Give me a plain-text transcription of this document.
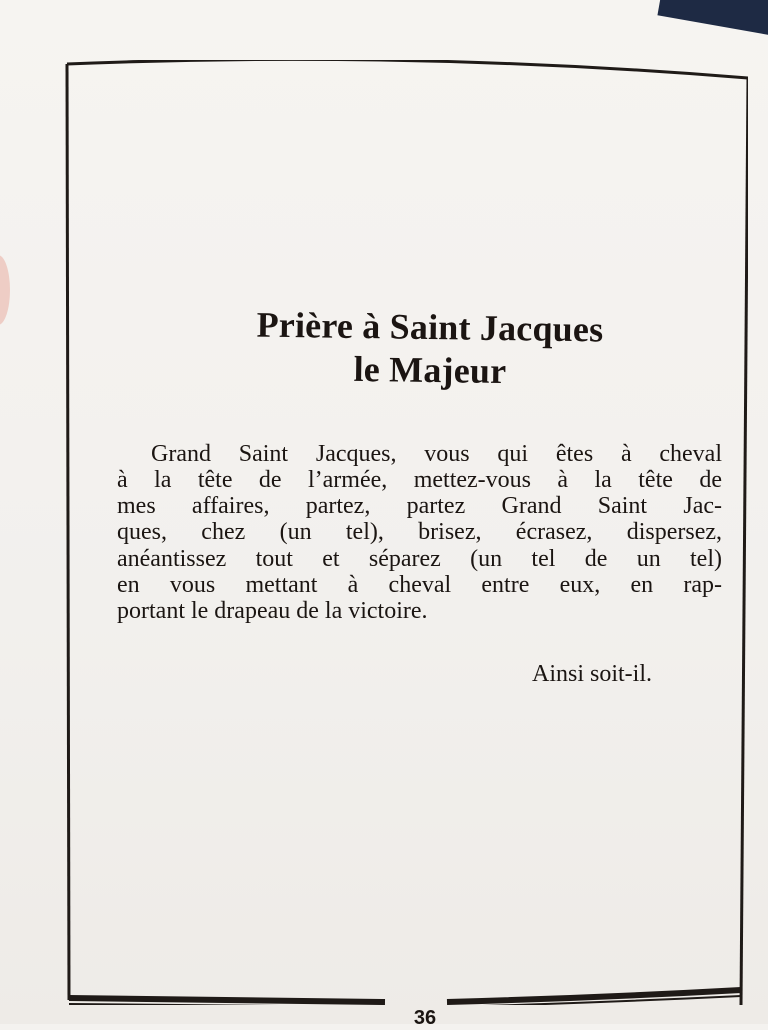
Prière à Saint Jacques
le Majeur

Grand Saint Jacques, vous qui êtes à cheval

à la tête de l’armée, mettez-vous à la tête de

mes affaires, partez, partez Grand Saint Jac-

ques, chez (un tel), brisez, écrasez, dispersez,

anéantissez tout et séparez (un tel de un tel)

en vous mettant à cheval entre eux, en rap-

portant le drapeau de la victoire.

Ainsi soit-il.

36
